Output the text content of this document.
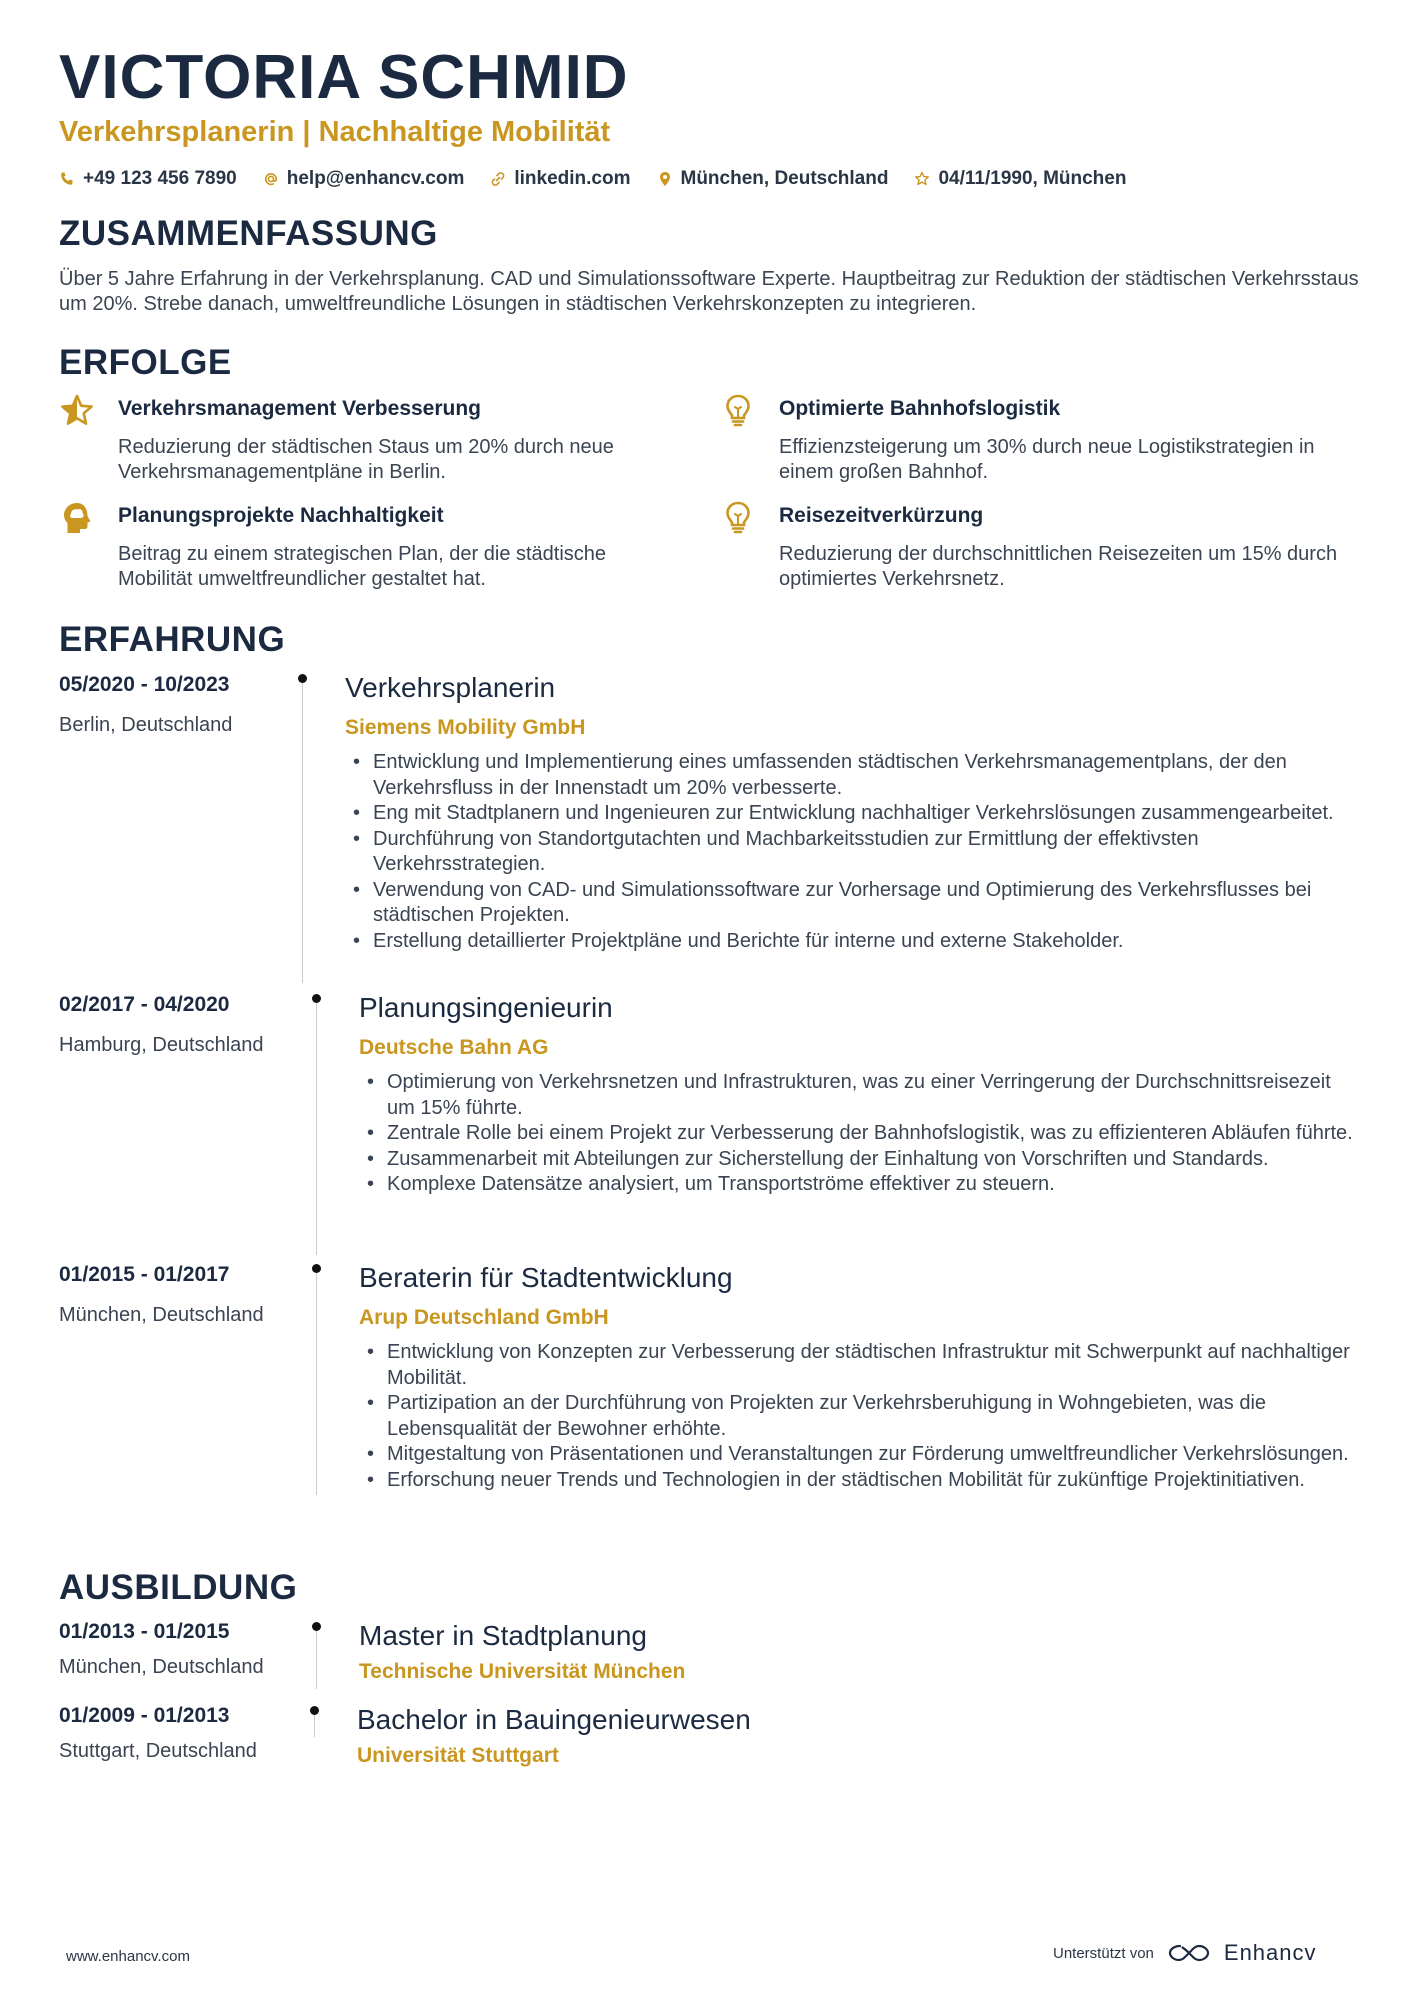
VICTORIA SCHMID
Verkehrsplanerin | Nachhaltige Mobilität
+49 123 456 7890	help@enhancv.com	linkedin.com	München, Deutschland	04/11/1990, München
ZUSAMMENFASSUNG
Über 5 Jahre Erfahrung in der Verkehrsplanung. CAD und Simulationssoftware Experte. Hauptbeitrag zur Reduktion der städtischen Verkehrsstaus um 20%. Strebe danach, umweltfreundliche Lösungen in städtischen Verkehrskonzepten zu integrieren.
ERFOLGE
Verkehrsmanagement Verbesserung
Reduzierung der städtischen Staus um 20% durch neue Verkehrsmanagementpläne in Berlin.
Optimierte Bahnhofslogistik
Effizienzsteigerung um 30% durch neue Logistikstrategien in einem großen Bahnhof.
Planungsprojekte Nachhaltigkeit
Beitrag zu einem strategischen Plan, der die städtische Mobilität umweltfreundlicher gestaltet hat.
Reisezeitverkürzung
Reduzierung der durchschnittlichen Reisezeiten um 15% durch optimiertes Verkehrsnetz.
ERFAHRUNG
05/2020 - 10/2023
Berlin, Deutschland
Verkehrsplanerin
Siemens Mobility GmbH
• Entwicklung und Implementierung eines umfassenden städtischen Verkehrsmanagementplans, der den Verkehrsfluss in der Innenstadt um 20% verbesserte.
• Eng mit Stadtplanern und Ingenieuren zur Entwicklung nachhaltiger Verkehrslösungen zusammengearbeitet.
• Durchführung von Standortgutachten und Machbarkeitsstudien zur Ermittlung der effektivsten Verkehrsstrategien.
• Verwendung von CAD- und Simulationssoftware zur Vorhersage und Optimierung des Verkehrsflusses bei städtischen Projekten.
• Erstellung detaillierter Projektpläne und Berichte für interne und externe Stakeholder.
02/2017 - 04/2020
Hamburg, Deutschland
Planungsingenieurin
Deutsche Bahn AG
• Optimierung von Verkehrsnetzen und Infrastrukturen, was zu einer Verringerung der Durchschnittsreisezeit um 15% führte.
• Zentrale Rolle bei einem Projekt zur Verbesserung der Bahnhofslogistik, was zu effizienteren Abläufen führte.
• Zusammenarbeit mit Abteilungen zur Sicherstellung der Einhaltung von Vorschriften und Standards.
• Komplexe Datensätze analysiert, um Transportströme effektiver zu steuern.
01/2015 - 01/2017
München, Deutschland
Beraterin für Stadtentwicklung
Arup Deutschland GmbH
• Entwicklung von Konzepten zur Verbesserung der städtischen Infrastruktur mit Schwerpunkt auf nachhaltiger Mobilität.
• Partizipation an der Durchführung von Projekten zur Verkehrsberuhigung in Wohngebieten, was die Lebensqualität der Bewohner erhöhte.
• Mitgestaltung von Präsentationen und Veranstaltungen zur Förderung umweltfreundlicher Verkehrslösungen.
• Erforschung neuer Trends und Technologien in der städtischen Mobilität für zukünftige Projektinitiativen.
AUSBILDUNG
01/2013 - 01/2015
München, Deutschland
Master in Stadtplanung
Technische Universität München
01/2009 - 01/2013
Stuttgart, Deutschland
Bachelor in Bauingenieurwesen
Universität Stuttgart
www.enhancv.com	Unterstützt von	Enhancv
